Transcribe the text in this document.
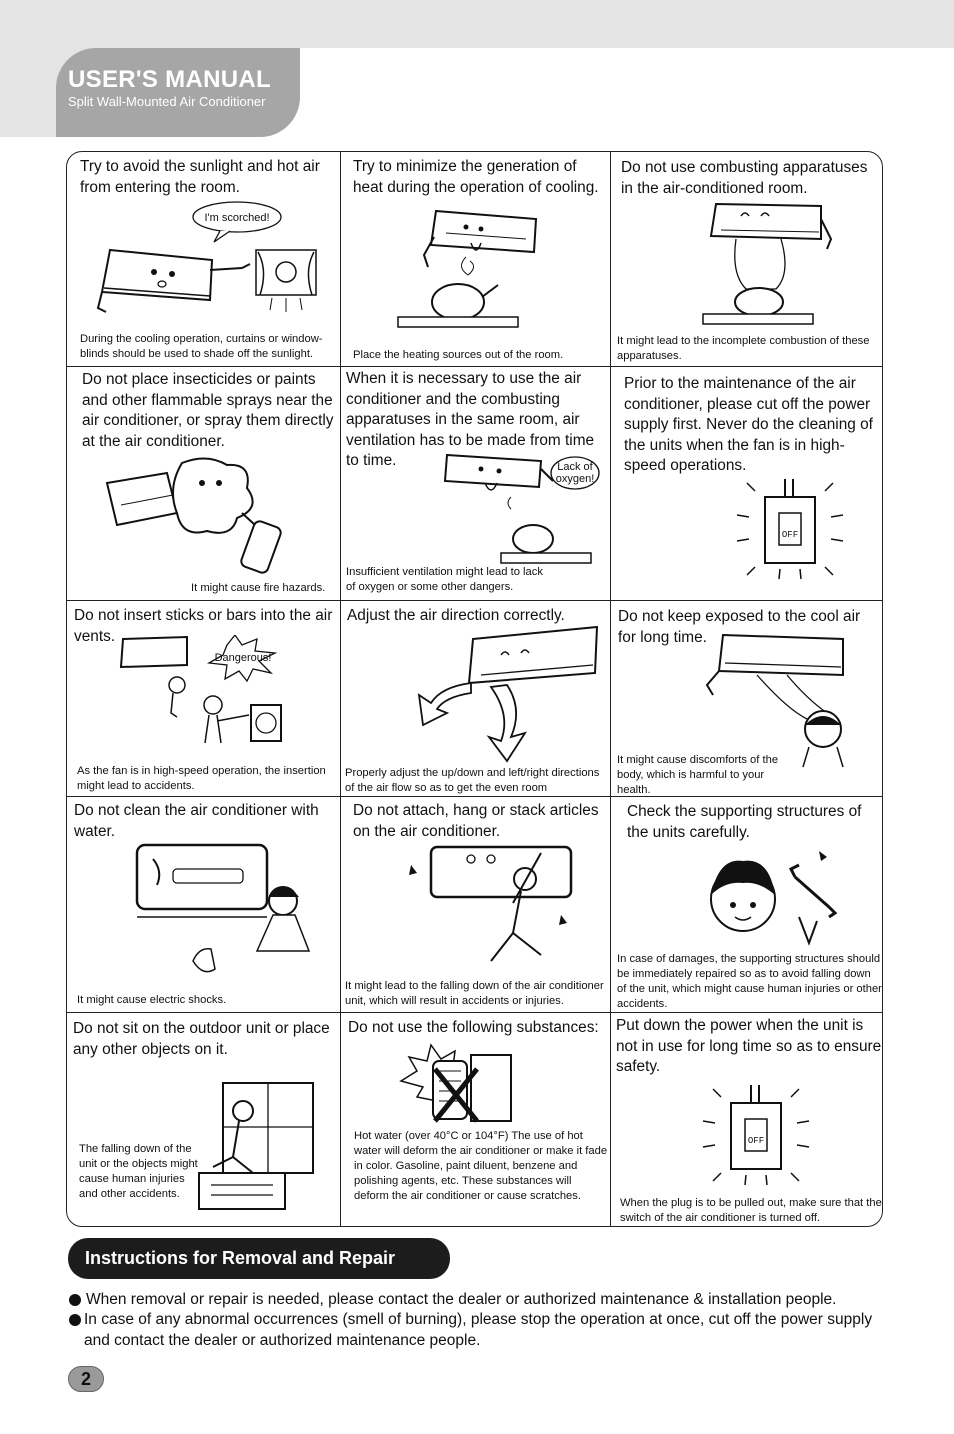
USER'S MANUAL
Split Wall-Mounted Air Conditioner
Try to avoid the sunlight and hot air from entering the room.
I'm scorched!
During the cooling operation, curtains or window-blinds should be used to shade off the sunlight.
Try to minimize the generation of heat during the operation of cooling.
Place the heating sources out of the room.
Do not use combusting apparatuses in the air-conditioned room.
It might lead to the incomplete combustion of these apparatuses.
Do not place insecticides or paints and other flammable sprays near the air conditioner, or spray them directly at the air conditioner.
It might cause fire hazards.
When it is necessary to use the air conditioner and the combusting apparatuses in the same room, air ventilation has to be made from time to time.	Lack of
oxygen!
Insufficient ventilation might lead to lack of oxygen or some other dangers.
Prior to the maintenance of the air conditioner, please cut off the power supply first. Never do the cleaning of the units when the fan is in high-speed operations.
OFF
Do not insert sticks or bars into the air vents.
Dangerous!
As the fan is in high-speed operation, the insertion might lead to accidents.
Adjust the air direction correctly.
Properly adjust the up/down and left/right directions of the air flow so as to get the even room
Do not keep exposed to the cool air for long time.
It might cause discomforts of the body, which is harmful to your health.
Do not clean the air conditioner with water.
It might cause electric shocks.
Do not attach, hang or stack articles on the air conditioner.
It might lead to the falling down of the air conditioner unit, which will result in accidents or injuries.
Check the supporting structures of the units carefully.
In case of damages, the supporting structures should be immediately repaired so as to avoid falling down of the unit, which might cause human injuries or other accidents.
Do not sit on the outdoor unit or place any other objects on it.
The falling down of the unit or the objects might cause human injuries and other accidents.
Do not use the following substances:
Hot water (over 40°C or 104°F) The use of hot water will deform the air conditioner or make it fade in color. Gasoline, paint diluent, benzene and polishing agents, etc. These substances will deform the air conditioner or cause scratches.
Put down the power when the unit is not in use for long time so as to ensure safety.
OFF
When the plug is to be pulled out, make sure that the switch of the air conditioner is turned off.
Instructions for Removal and Repair
When removal or repair is needed, please contact the dealer or authorized maintenance & installation people.
In case of any abnormal occurrences (smell of burning), please stop the operation at once, cut off the power supply and contact the dealer or authorized maintenance people.
2
